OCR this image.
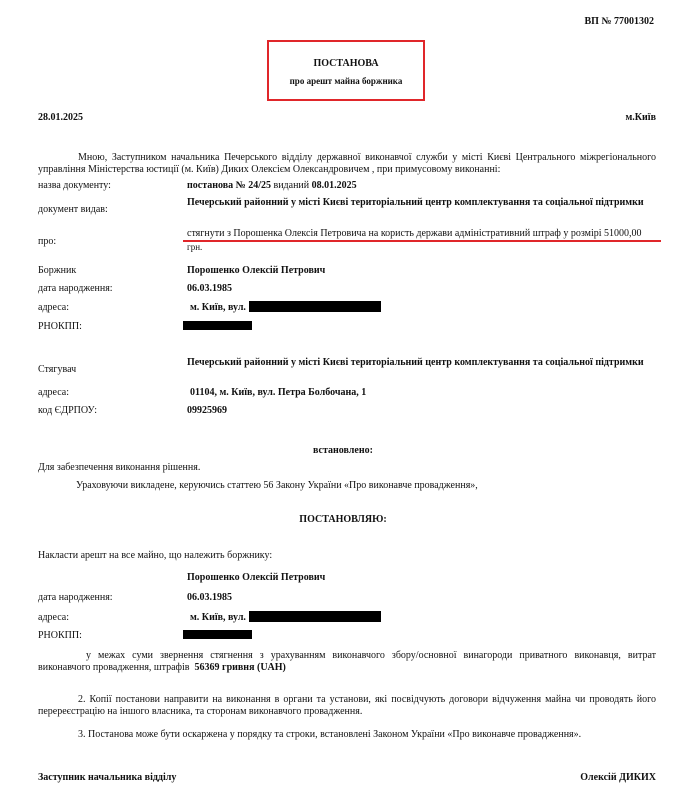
ВП № 77001302
ПОСТАНОВА
про арешт майна боржника
28.01.2025	м.Київ
Мною, Заступником начальника Печерського відділу державної виконавчої служби у місті Києві Центрального міжрегіонального управління Міністерства юстиції (м. Київ) Диких Олексієм Олександровичем , при примусовому виконанні:
назва документу:	постанова № 24/25 виданий 08.01.2025
документ видав:
Печерський районний у місті Києві територіальний центр комплектування та соціальної підтримки
про:
стягнути з Порошенка Олексія Петровича на користь держави адміністративний штраф у розмірі 51000,00
грн.
Боржник	Порошенко Олексій Петрович
дата народження:	06.03.1985
адреса:	м. Київ, вул.
РНОКПП:
Стягувач
Печерський районний у місті Києві територіальний центр комплектування та соціальної підтримки
адреса:	01104, м. Київ, вул. Петра Болбочана, 1
код ЄДРПОУ:	09925969
встановлено:
Для забезпечення виконання рішення.
Ураховуючи викладене, керуючись статтею 56 Закону України «Про виконавче провадження»,
ПОСТАНОВЛЯЮ:
Накласти арешт на все майно, що належить боржнику:
Порошенко Олексій Петрович
дата народження:	06.03.1985
адреса:	м. Київ, вул.
РНОКПП:
у межах суми звернення стягнення з урахуванням виконавчого збору/основної винагороди приватного виконавця, витрат виконавчого провадження, штрафів 56369 гривня (UAH)
2. Копії постанови направити на виконання в органи та установи, які посвідчують договори відчуження майна чи проводять його перереєстрацію на іншого власника, та сторонам виконавчого провадження.
3. Постанова може бути оскаржена у порядку та строки, встановлені Законом України «Про виконавче провадження».
Заступник начальника відділу	Олексій ДИКИХ
